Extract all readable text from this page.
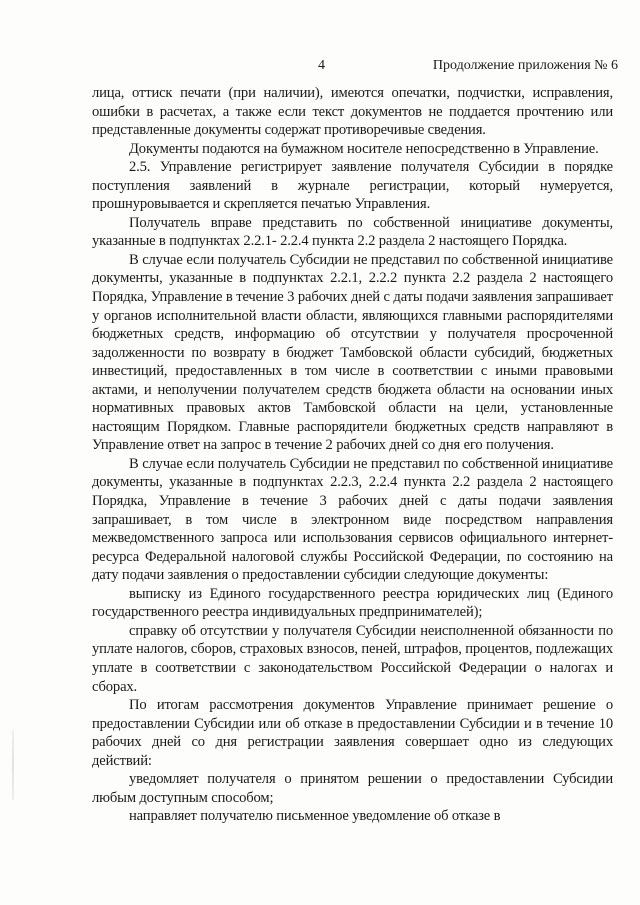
4	Продолжение приложения № 6

лица, оттиск печати (при наличии), имеются опечатки, подчистки, исправления, ошибки в расчетах, а также если текст документов не поддается прочтению или представленные документы содержат противоречивые сведения.

Документы подаются на бумажном носителе непосредственно в Управление.

2.5. Управление регистрирует заявление получателя Субсидии в порядке поступления заявлений в журнале регистрации, который нумеруется, прошнуровывается и скрепляется печатью Управления.

Получатель вправе представить по собственной инициативе документы, указанные в подпунктах 2.2.1- 2.2.4 пункта 2.2 раздела 2 настоящего Порядка.

В случае если получатель Субсидии не представил по собственной инициативе документы, указанные в подпунктах 2.2.1, 2.2.2 пункта 2.2 раздела 2 настоящего Порядка, Управление в течение 3 рабочих дней с даты подачи заявления запрашивает у органов исполнительной власти области, являющихся главными распорядителями бюджетных средств, информацию об отсутствии у получателя просроченной задолженности по возврату в бюджет Тамбовской области субсидий, бюджетных инвестиций, предоставленных в том числе в соответствии с иными правовыми актами, и неполучении получателем средств бюджета области на основании иных нормативных правовых актов Тамбовской области на цели, установленные настоящим Порядком. Главные распорядители бюджетных средств направляют в Управление ответ на запрос в течение 2 рабочих дней со дня его получения.

В случае если получатель Субсидии не представил по собственной инициативе документы, указанные в подпунктах 2.2.3, 2.2.4 пункта 2.2 раздела 2 настоящего Порядка, Управление в течение 3 рабочих дней с даты подачи заявления запрашивает, в том числе в электронном виде посредством направления межведомственного запроса или использования сервисов официального интернет-ресурса Федеральной налоговой службы Российской Федерации, по состоянию на дату подачи заявления о предоставлении субсидии следующие документы:

выписку из Единого государственного реестра юридических лиц (Единого государственного реестра индивидуальных предпринимателей);

справку об отсутствии у получателя Субсидии неисполненной обязанности по уплате налогов, сборов, страховых взносов, пеней, штрафов, процентов, подлежащих уплате в соответствии с законодательством Российской Федерации о налогах и сборах.

По итогам рассмотрения документов Управление принимает решение о предоставлении Субсидии или об отказе в предоставлении Субсидии и в течение 10 рабочих дней со дня регистрации заявления совершает одно из следующих действий:

уведомляет получателя о принятом решении о предоставлении Субсидии любым доступным способом;

направляет получателю письменное уведомление об отказе в
